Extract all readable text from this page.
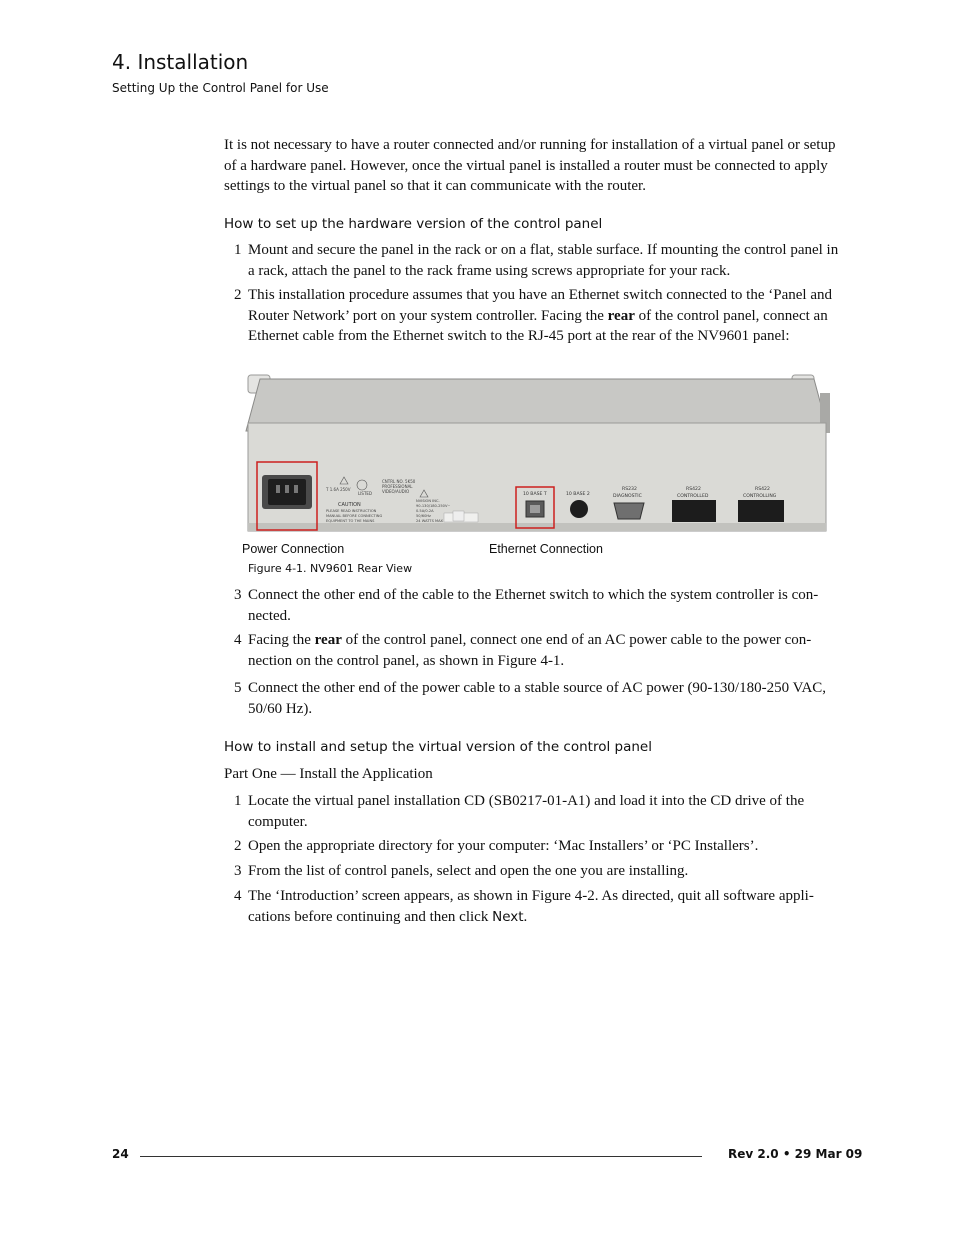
4. Installation
Setting Up the Control Panel for Use
It is not necessary to have a router connected and/or running for installation of a virtual panel or setup of a hardware panel. However, once the virtual panel is installed a router must be connected to apply settings to the virtual panel so that it can communicate with the router.
How to set up the hardware version of the control panel
1 Mount and secure the panel in the rack or on a flat, stable surface. If mounting the control panel in a rack, attach the panel to the rack frame using screws appropriate for your rack.
2 This installation procedure assumes that you have an Ethernet switch connected to the ‘Panel and Router Network’ port on your system controller. Facing the rear of the control panel, connect an Ethernet cable from the Ethernet switch to the RJ-45 port at the rear of the NV9601 panel:
T 1.6A 250V
CNTRL NO. 5K50
PROFESSIONAL
VIDEO/AUDIO
LISTED
CAUTION
PLEASE READ INSTRUCTION
MANUAL BEFORE CONNECTING
EQUIPMENT TO THE MAINS
NVISION INC.
90-130/180-250V~
0.5A/0.2A
50/60Hz
24 WATTS MAX
10 BASE T	10 BASE 2
RS232
DIAGNOSTIC
RS422
CONTROLLED
RS422
CONTROLLING
Power Connection	Ethernet Connection
Figure 4-1. NV9601 Rear View
3 Connect the other end of the cable to the Ethernet switch to which the system controller is connected.
4 Facing the rear of the control panel, connect one end of an AC power cable to the power connection on the control panel, as shown in Figure 4-1.
5 Connect the other end of the power cable to a stable source of AC power (90-130/180-250 VAC, 50/60 Hz).
How to install and setup the virtual version of the control panel
Part One — Install the Application
1 Locate the virtual panel installation CD (SB0217-01-A1) and load it into the CD drive of the computer.
2 Open the appropriate directory for your computer: ‘Mac Installers’ or ‘PC Installers’.
3 From the list of control panels, select and open the one you are installing.
4 The ‘Introduction’ screen appears, as shown in Figure 4-2. As directed, quit all software applications before continuing and then click Next.
24	Rev 2.0 • 29 Mar 09
